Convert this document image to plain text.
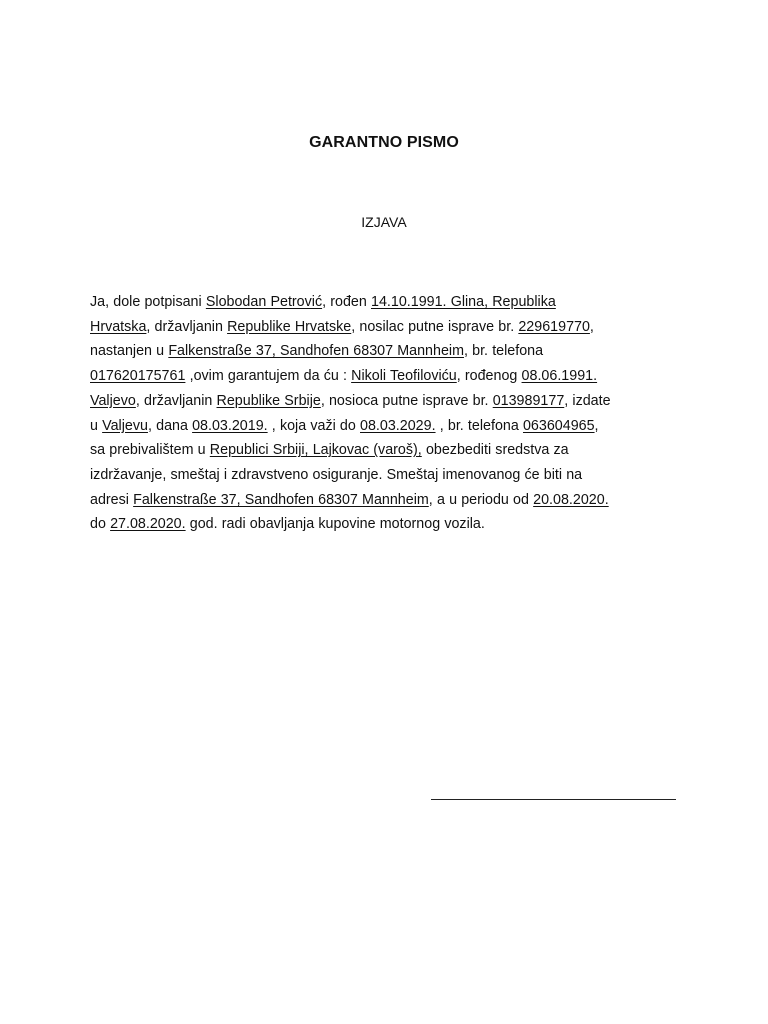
GARANTNO PISMO
IZJAVA
Ja, dole potpisani Slobodan Petrović, rođen 14.10.1991. Glina, Republika
Hrvatska, državljanin Republike Hrvatske, nosilac putne isprave br. 229619770,
nastanjen u Falkenstraße 37, Sandhofen 68307 Mannheim, br. telefona
017620175761 ,ovim garantujem da ću : Nikoli Teofiloviću, rođenog 08.06.1991.
Valjevo, državljanin Republike Srbije, nosioca putne isprave br. 013989177, izdate
u Valjevu, dana 08.03.2019. , koja važi do 08.03.2029. , br. telefona 063604965,
sa prebivalištem u Republici Srbiji, Lajkovac (varoš), obezbediti sredstva za
izdržavanje, smeštaj i zdravstveno osiguranje. Smeštaj imenovanog će biti na
adresi Falkenstraße 37, Sandhofen 68307 Mannheim, a u periodu od 20.08.2020.
do 27.08.2020. god. radi obavljanja kupovine motornog vozila.
